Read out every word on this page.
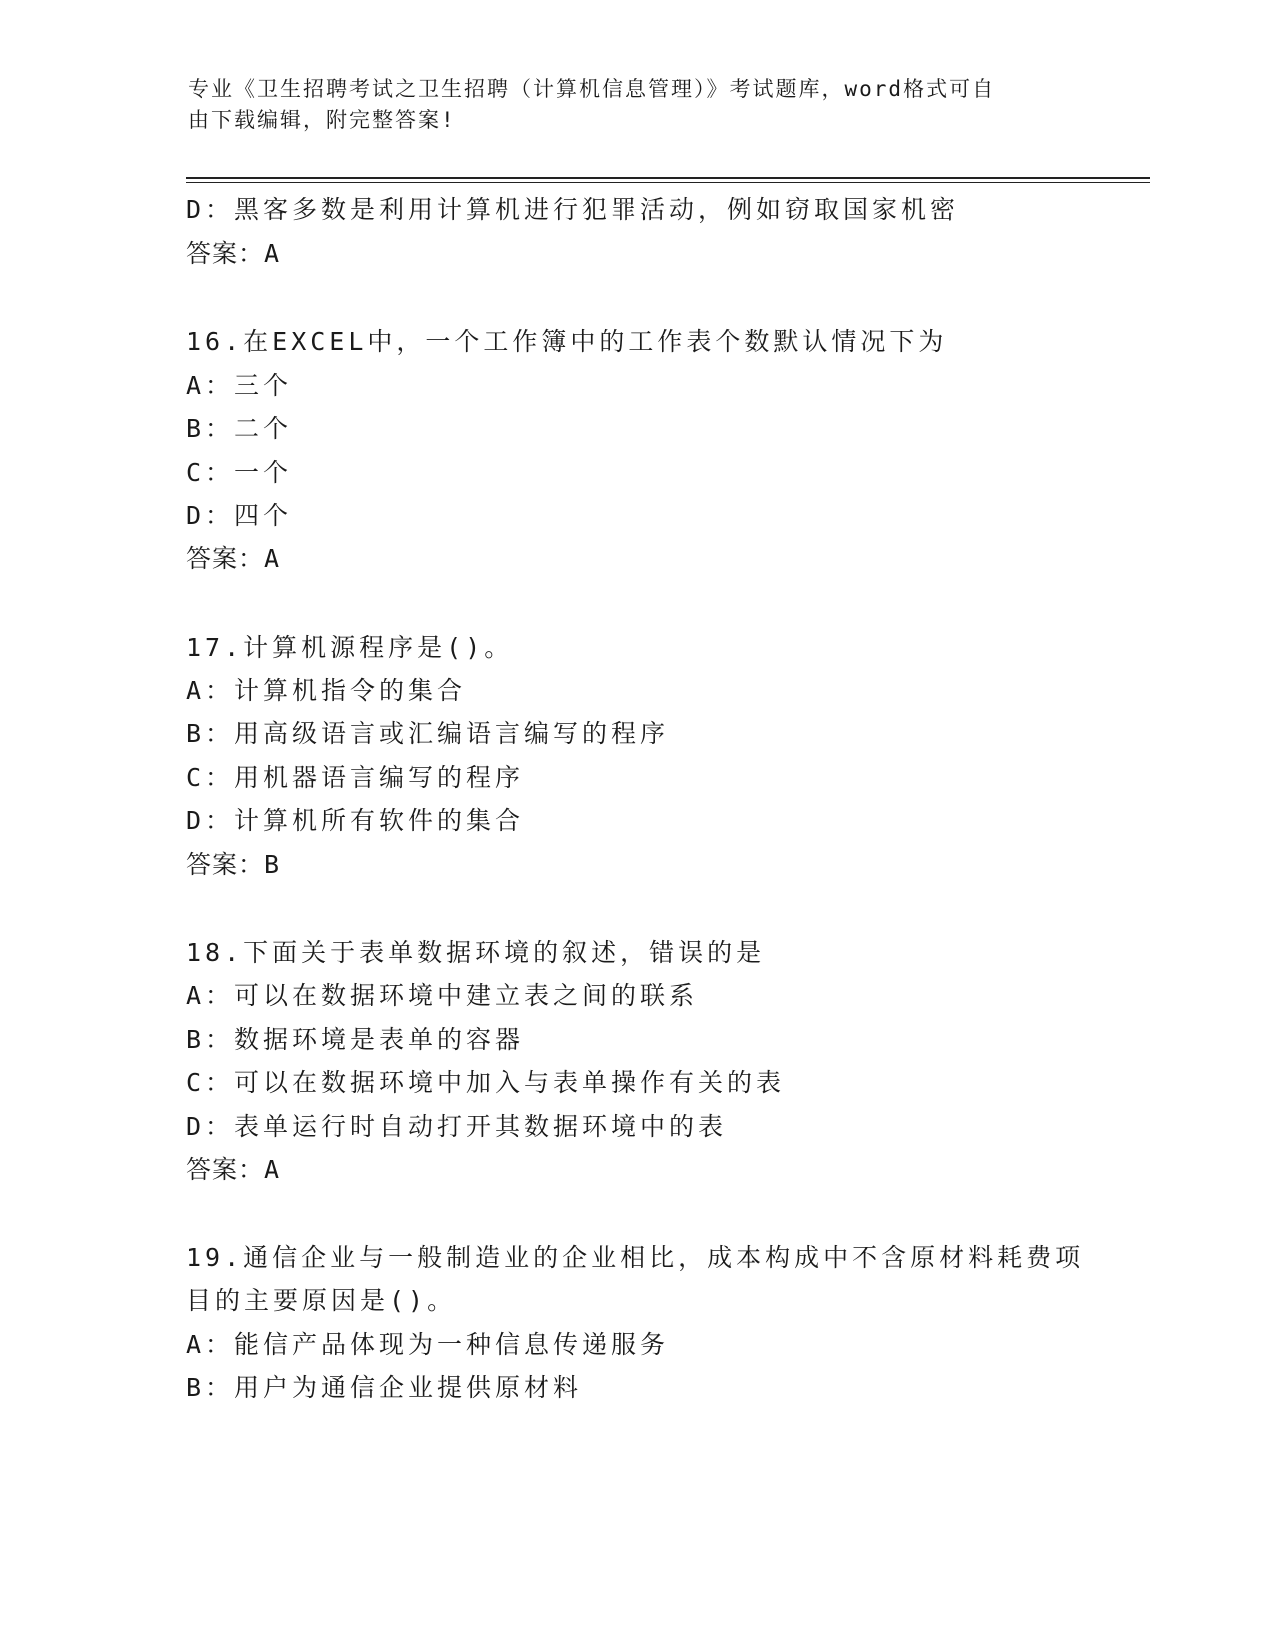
专业《卫生招聘考试之卫生招聘（计算机信息管理）》考试题库，word格式可自
由下载编辑，附完整答案!
D：黑客多数是利用计算机进行犯罪活动，例如窃取国家机密
答案：A
16.在EXCEL中，一个工作簿中的工作表个数默认情况下为
A：三个
B：二个
C：一个
D：四个
答案：A
17.计算机源程序是()。
A：计算机指令的集合
B：用高级语言或汇编语言编写的程序
C：用机器语言编写的程序
D：计算机所有软件的集合
答案：B
18.下面关于表单数据环境的叙述，错误的是
A：可以在数据环境中建立表之间的联系
B：数据环境是表单的容器
C：可以在数据环境中加入与表单操作有关的表
D：表单运行时自动打开其数据环境中的表
答案：A
19.通信企业与一般制造业的企业相比，成本构成中不含原材料耗费项
目的主要原因是()。
A：能信产品体现为一种信息传递服务
B：用户为通信企业提供原材料
